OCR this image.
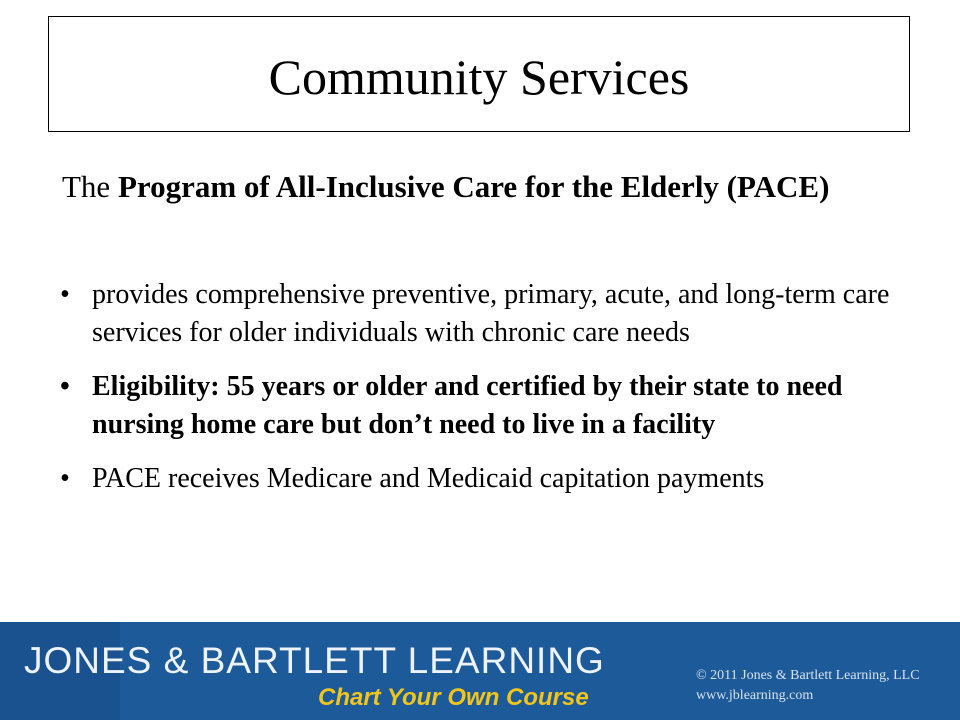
Community Services
The Program of All-Inclusive Care for the Elderly (PACE)
• provides comprehensive preventive, primary, acute, and long-term care services for older individuals with chronic care needs
• Eligibility: 55 years or older and certified by their state to need nursing home care but don’t need to live in a facility
• PACE receives Medicare and Medicaid capitation payments
JONES & BARTLETT LEARNING
Chart Your Own Course
© 2011 Jones & Bartlett Learning, LLC
www.jblearning.com
